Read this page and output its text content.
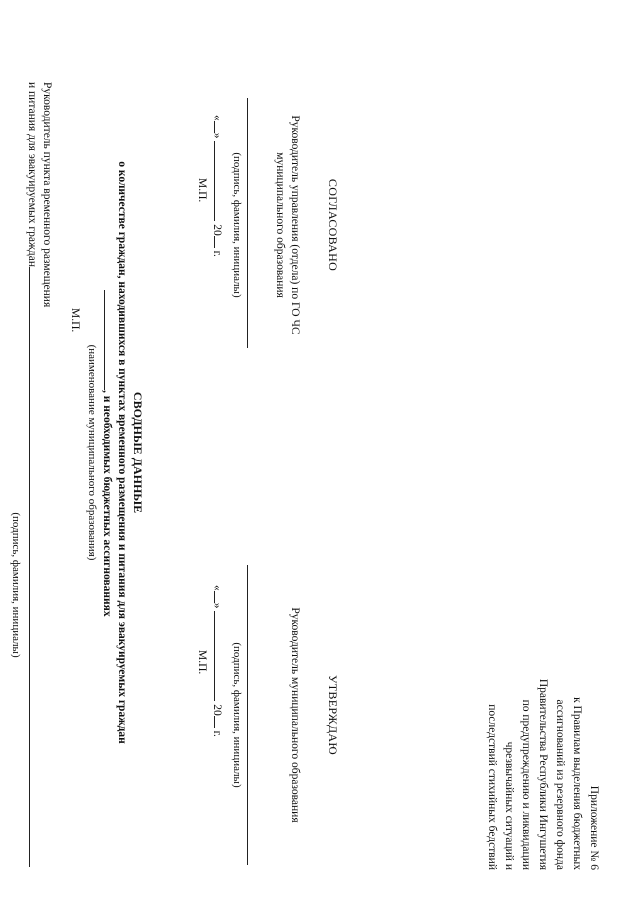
Приложение № 6
к Правилам выделения бюджетных
ассигнований из резервного фонда
Правительства Республики Ингушетия
по предупреждению и ликвидации
чрезвычайных ситуаций и
последствий стихийных бедствий
СОГЛАСОВАНО
Руководитель управления (отдела) по ГО ЧС
муниципального образования
(подпись, фамилия, инициалы)
«»  20 г.
М.П.
УТВЕРЖДАЮ
Руководитель муниципального образования
(подпись, фамилия, инициалы)
«»  20 г.
М.П.
СВОДНЫЕ ДАННЫЕ
о количестве граждан, находившихся в пунктах временного размещения и питания для эвакуируемых граждан
, и необходимых бюджетных ассигнованиях
(наименование муниципального образования)
Руководитель пункта временного размещения
и питания для эвакуируемых граждан
(подпись, фамилия, инициалы)
М.П.
